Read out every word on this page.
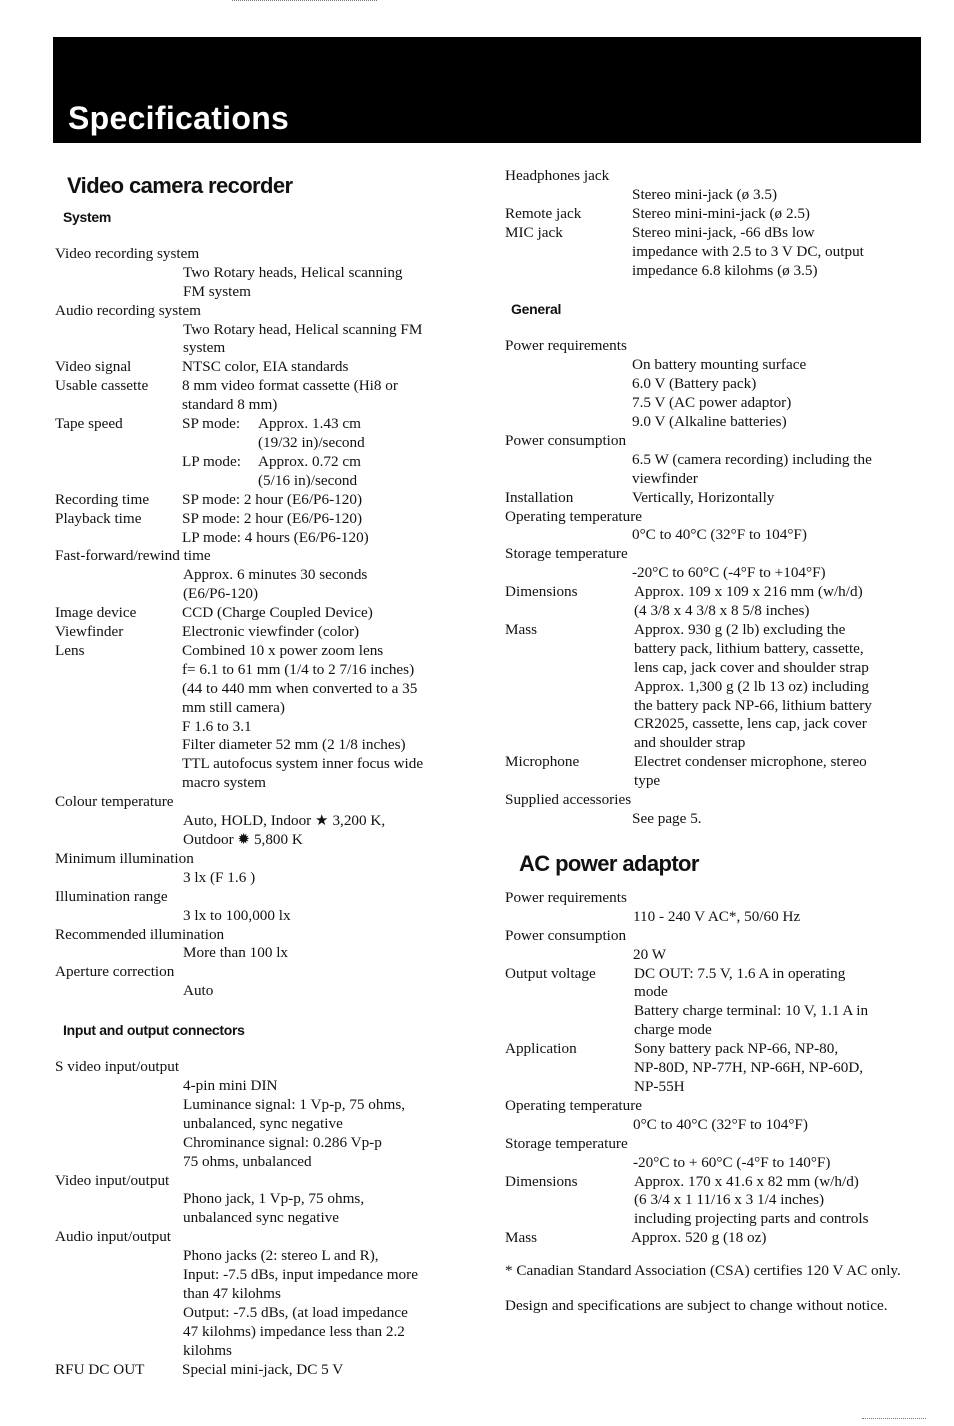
Specifications
Video camera recorder
System
Video recording system
Two Rotary heads, Helical scanning
FM system
Audio recording system
Two Rotary head, Helical scanning FM
system
Video signal	NTSC color, EIA standards
Usable cassette	8 mm video format cassette (Hi8 or
standard 8 mm)
Tape speed	SP mode:	Approx. 1.43 cm
(19/32 in)/second
LP mode:	Approx. 0.72 cm
(5/16 in)/second
Recording time	SP mode: 2 hour (E6/P6-120)
Playback time	SP mode: 2 hour (E6/P6-120)
LP mode: 4 hours (E6/P6-120)
Fast-forward/rewind time
Approx. 6 minutes 30 seconds
(E6/P6-120)
Image device	CCD (Charge Coupled Device)
Viewfinder	Electronic viewfinder (color)
Lens	Combined 10 x power zoom lens
f= 6.1 to 61 mm (1/4 to 2 7/16 inches)
(44 to 440 mm when converted to a 35
mm still camera)
F 1.6 to 3.1
Filter diameter 52 mm (2 1/8 inches)
TTL autofocus system inner focus wide
macro system
Colour temperature
Auto, HOLD, Indoor ★ 3,200 K,
Outdoor ✹ 5,800 K
Minimum illumination
3 lx (F 1.6 )
Illumination range
3 lx to 100,000 lx
Recommended illumination
More than 100 lx
Aperture correction
Auto
Input and output connectors
S video input/output
4-pin mini DIN
Luminance signal: 1 Vp-p, 75 ohms,
unbalanced, sync negative
Chrominance signal: 0.286 Vp-p
75 ohms, unbalanced
Video input/output
Phono jack, 1 Vp-p, 75 ohms,
unbalanced sync negative
Audio input/output
Phono jacks (2: stereo L and R),
Input: -7.5 dBs, input impedance more
than 47 kilohms
Output: -7.5 dBs, (at load impedance
47 kilohms) impedance less than 2.2
kilohms
RFU DC OUT	Special mini-jack, DC 5 V
Headphones jack
Stereo mini-jack (ø 3.5)
Remote jack	Stereo mini-mini-jack (ø 2.5)
MIC jack	Stereo mini-jack, -66 dBs low
impedance with 2.5 to 3 V DC, output
impedance 6.8 kilohms (ø 3.5)
General
Power requirements
On battery mounting surface
6.0 V (Battery pack)
7.5 V (AC power adaptor)
9.0 V (Alkaline batteries)
Power consumption
6.5 W (camera recording) including the
viewfinder
Installation	Vertically, Horizontally
Operating temperature
0°C to 40°C (32°F to 104°F)
Storage temperature
-20°C to 60°C (-4°F to +104°F)
Dimensions	Approx. 109 x 109 x 216 mm (w/h/d)
(4 3/8 x 4 3/8 x 8 5/8 inches)
Mass	Approx. 930 g (2 lb) excluding the
battery pack, lithium battery, cassette,
lens cap, jack cover and shoulder strap
Approx. 1,300 g (2 lb 13 oz) including
the battery pack NP-66, lithium battery
CR2025, cassette, lens cap, jack cover
and shoulder strap
Microphone	Electret condenser microphone, stereo
type
Supplied accessories
See page 5.
AC power adaptor
Power requirements
110 - 240 V AC*, 50/60 Hz
Power consumption
20 W
Output voltage	DC OUT: 7.5 V, 1.6 A in operating
mode
Battery charge terminal: 10 V, 1.1 A in
charge mode
Application	Sony battery pack NP-66, NP-80,
NP-80D, NP-77H, NP-66H, NP-60D,
NP-55H
Operating temperature
0°C to 40°C (32°F to 104°F)
Storage temperature
-20°C to + 60°C (-4°F to 140°F)
Dimensions	Approx. 170 x 41.6 x 82 mm (w/h/d)
(6 3/4 x 1 11/16 x 3 1/4 inches)
including projecting parts and controls
Mass	Approx. 520 g (18 oz)
* Canadian Standard Association (CSA) certifies 120 V AC only.
Design and specifications are subject to change without notice.
